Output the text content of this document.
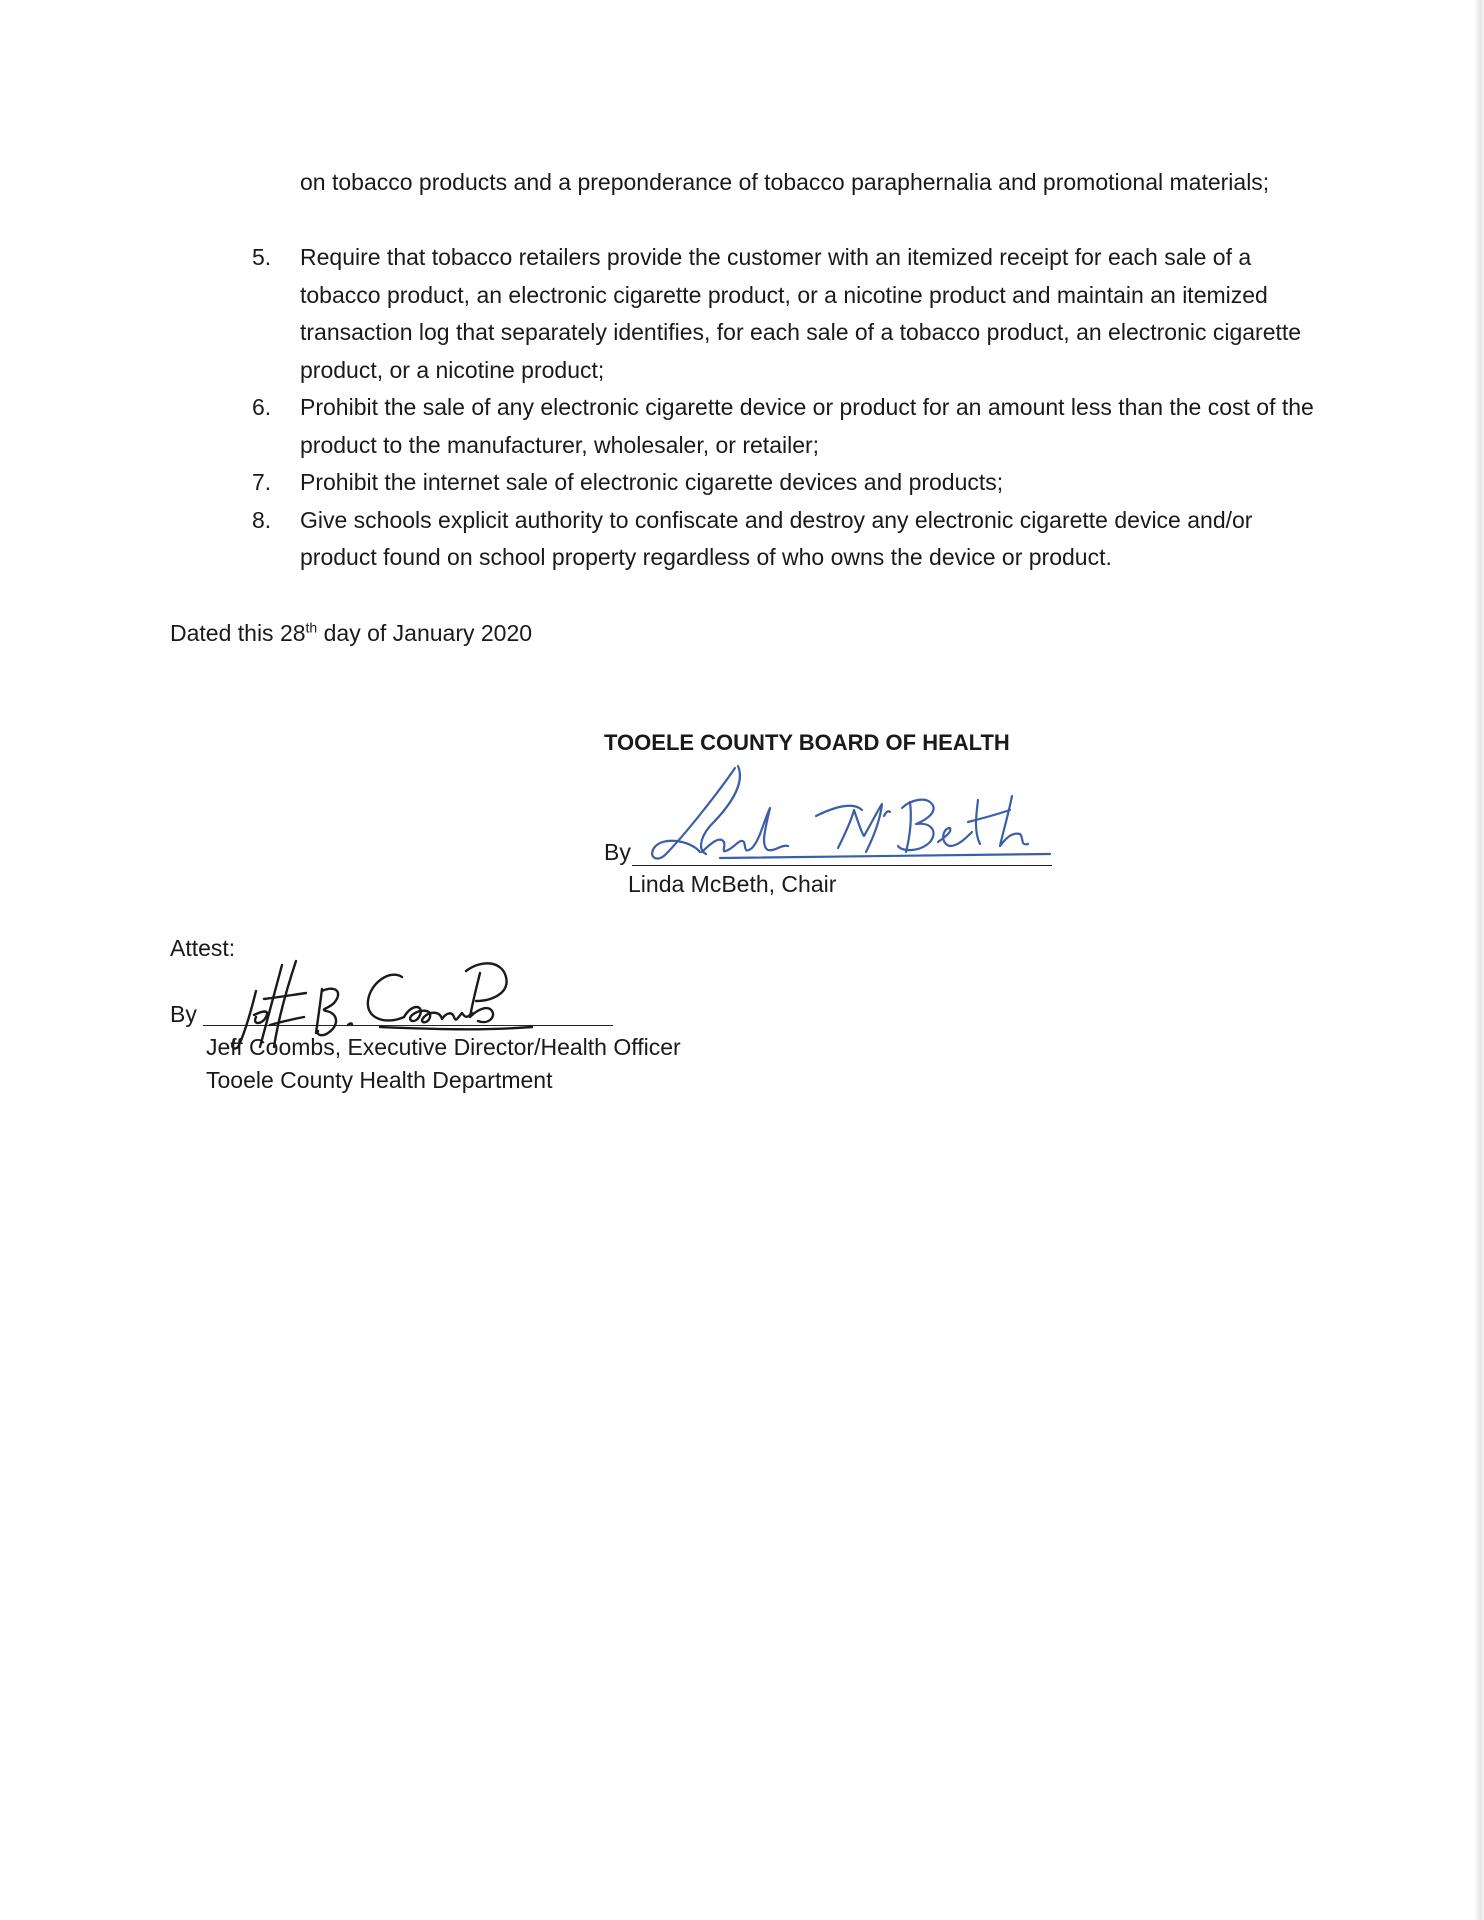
on tobacco products and a preponderance of tobacco paraphernalia and promotional materials;
5.	Require that tobacco retailers provide the customer with an itemized receipt for each sale of a tobacco product, an electronic cigarette product, or a nicotine product and maintain an itemized transaction log that separately identifies, for each sale of a tobacco product, an electronic cigarette product, or a nicotine product;
6.	Prohibit the sale of any electronic cigarette device or product for an amount less than the cost of the product to the manufacturer, wholesaler, or retailer;
7.	Prohibit the internet sale of electronic cigarette devices and products;
8.	Give schools explicit authority to confiscate and destroy any electronic cigarette device and/or product found on school property regardless of who owns the device or product.
Dated this 28th day of January 2020
TOOELE COUNTY BOARD OF HEALTH
By
Linda McBeth, Chair
Attest:
By
Jeff Coombs, Executive Director/Health Officer
Tooele County Health Department
